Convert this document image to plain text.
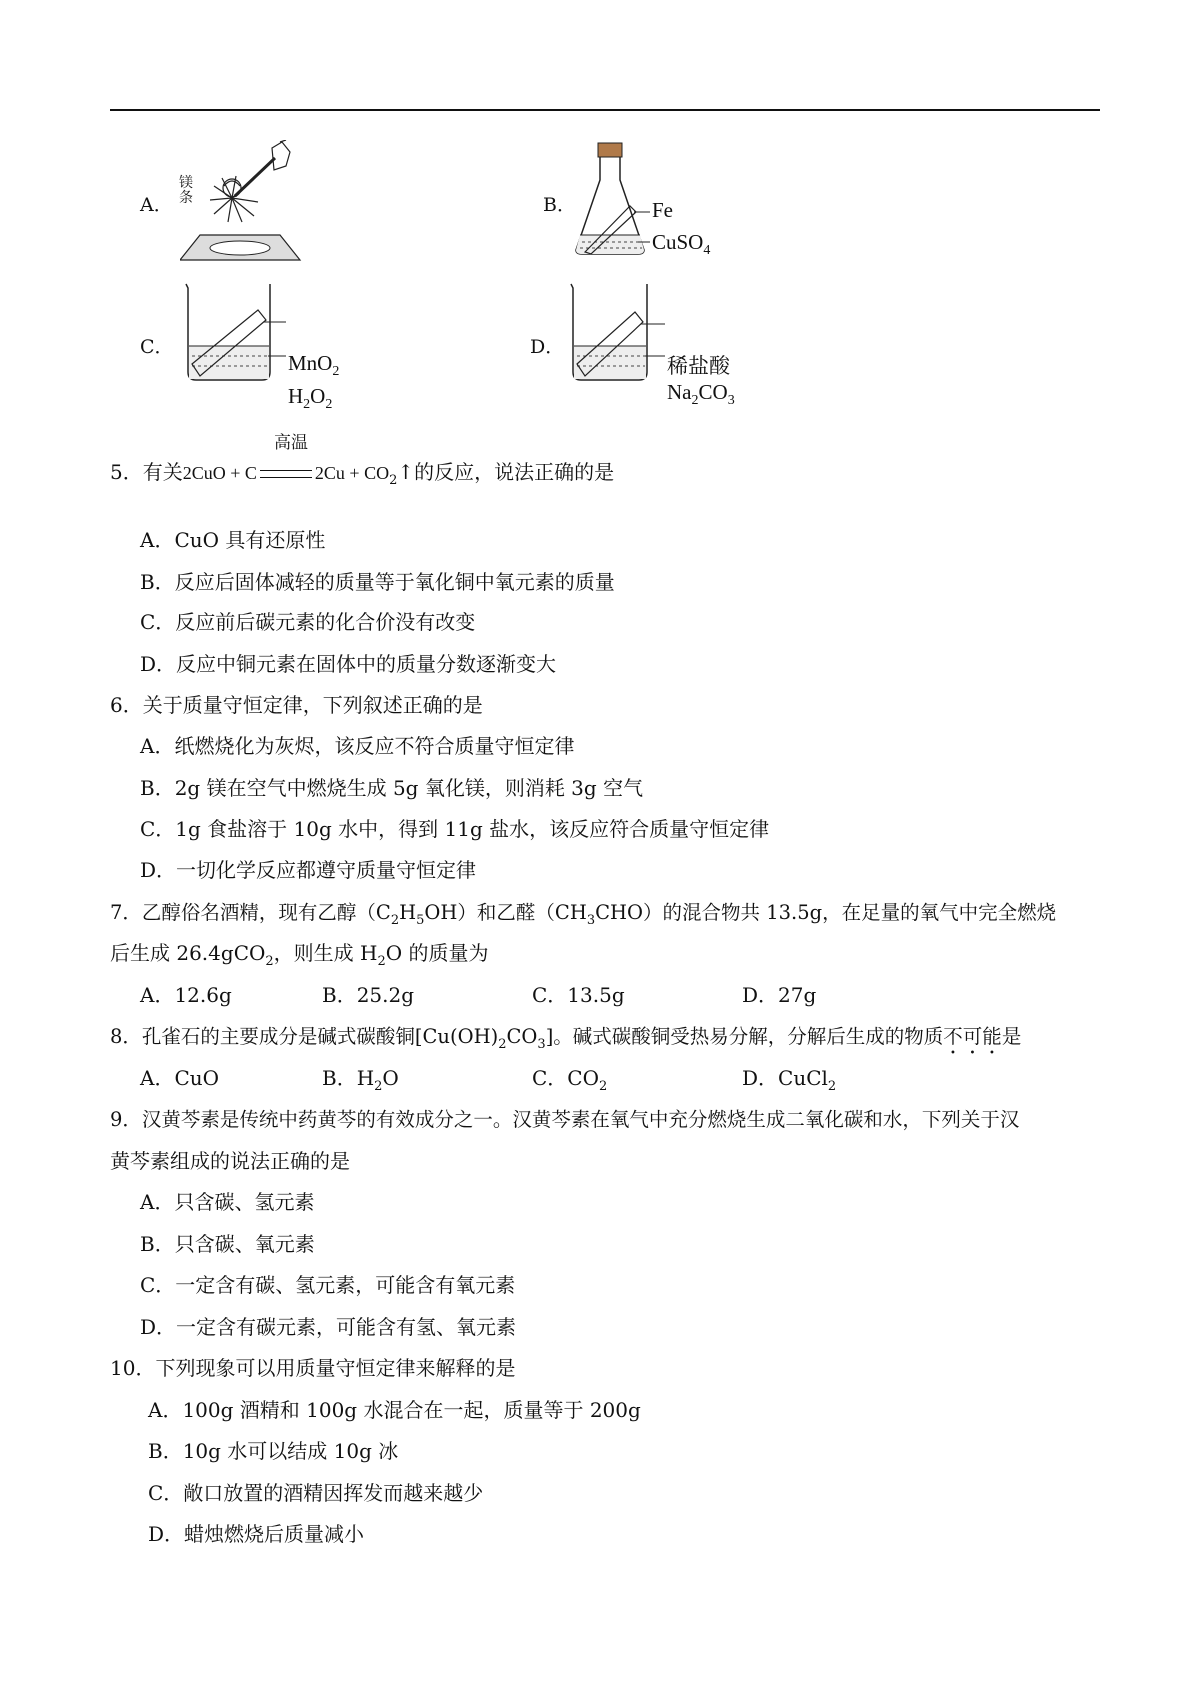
A．
镁
条	B．	Fe
CuSO$_4$
C．
MnO$_2$
$H_2O_2$
D．
稀盐酸
$Na_2CO_3$
高温
5．有关2CuO + C	$2Cu + CO_2↑$的反应，说法正确的是
A．CuO 具有还原性
B．反应后固体减轻的质量等于氧化铜中氧元素的质量
C．反应前后碳元素的化合价没有改变
D．反应中铜元素在固体中的质量分数逐渐变大
6．关于质量守恒定律，下列叙述正确的是
A．纸燃烧化为灰烬，该反应不符合质量守恒定律
B．2g 镁在空气中燃烧生成 5g 氧化镁，则消耗 3g 空气
C．1g 食盐溶于 10g 水中，得到 11g 盐水，该反应符合质量守恒定律
D．一切化学反应都遵守质量守恒定律
7．乙醇俗名酒精，现有乙醇$(C_2H_5OH)$和乙醛$(CH_3CHO)$的混合物共 13.5g，在足量的氧气中完全燃烧
后生成 26.4gCO$_2$，则生成 $H_2O$ 的质量为
A．12.6g	B．25.2g	C．13.5g	D．27g
8．孔雀石的主要成分是碱式碳酸铜$[Cu(OH)_2CO_3]$。碱式碳酸铜受热易分解，分解后生成的物质不可能是
A．CuO	B．$H_2O$	C．$CO_2$	D．CuCl$_2$
9．汉黄芩素是传统中药黄芩的有效成分之一。汉黄芩素在氧气中充分燃烧生成二氧化碳和水，下列关于汉
黄芩素组成的说法正确的是
A．只含碳、氢元素
B．只含碳、氧元素
C．一定含有碳、氢元素，可能含有氧元素
D．一定含有碳元素，可能含有氢、氧元素
10．下列现象可以用质量守恒定律来解释的是
A．100g 酒精和 100g 水混合在一起，质量等于 200g
B．10g 水可以结成 10g 冰
C．敞口放置的酒精因挥发而越来越少
D．蜡烛燃烧后质量减小
